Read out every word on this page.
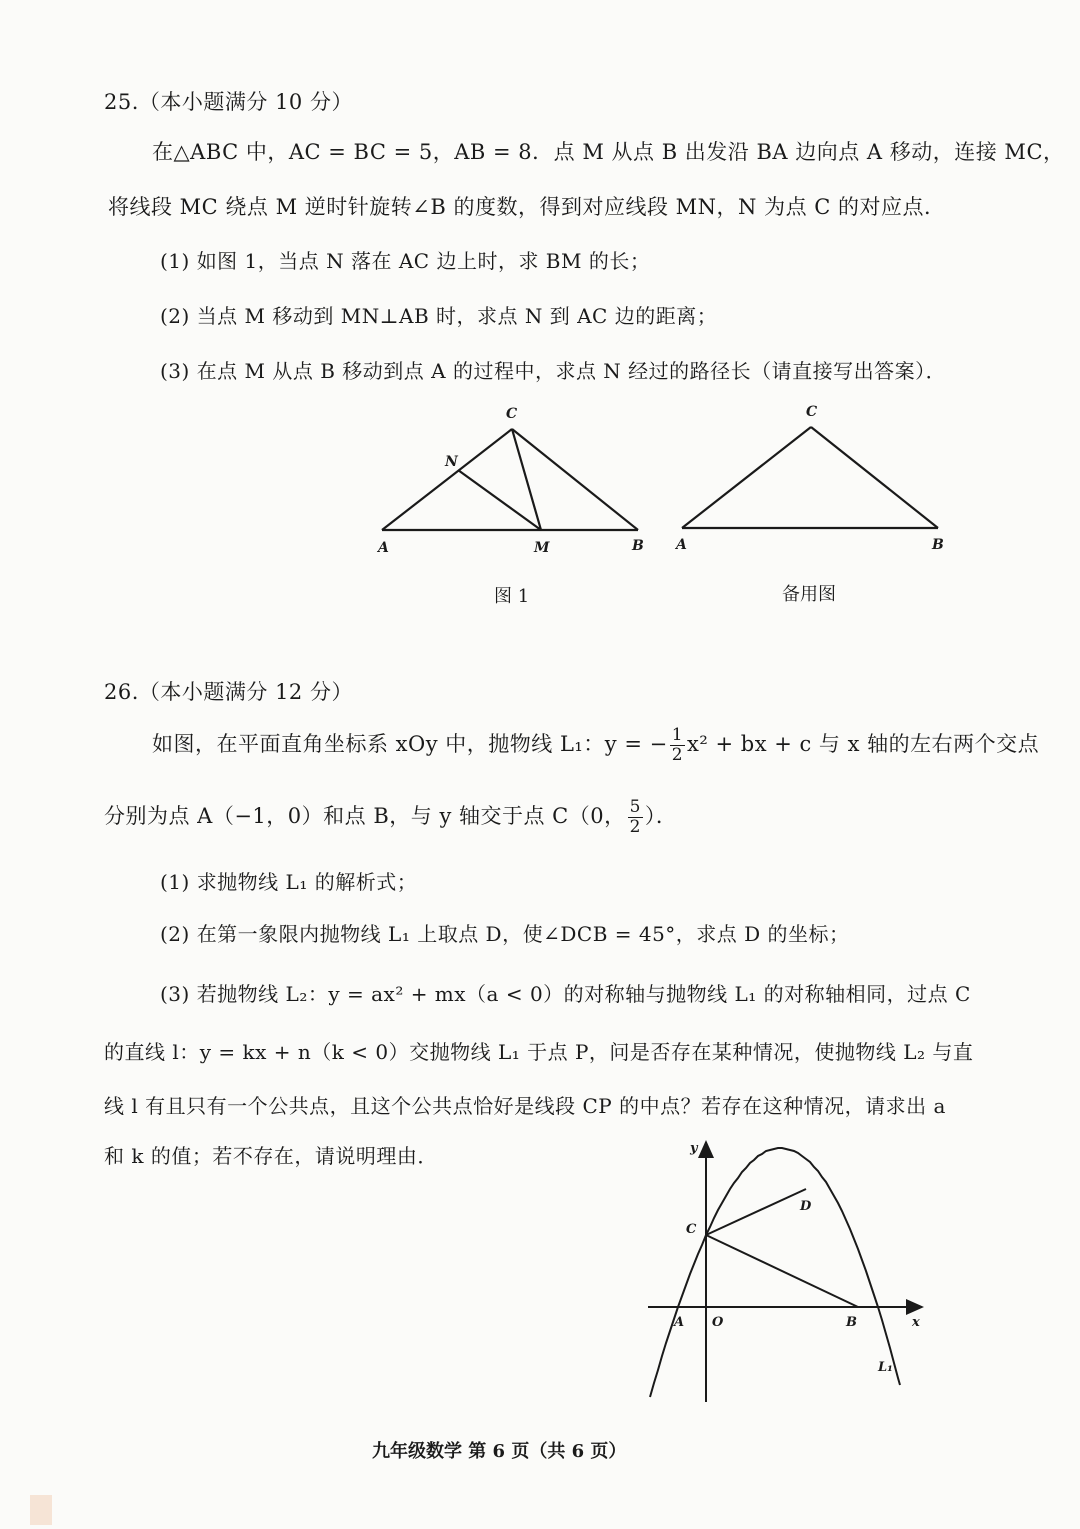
25.（本小题满分 10 分）
在△ABC 中，AC = BC = 5，AB = 8．点 M 从点 B 出发沿 BA 边向点 A 移动，连接 MC，
将线段 MC 绕点 M 逆时针旋转∠B 的度数，得到对应线段 MN，N 为点 C 的对应点．
(1) 如图 1，当点 N 落在 AC 边上时，求 BM 的长；
(2) 当点 M 移动到 MN⊥AB 时，求点 N 到 AC 边的距离；
(3) 在点 M 从点 B 移动到点 A 的过程中，求点 N 经过的路径长（请直接写出答案）．
C
N
A	M	B
图 1
C
A	B
备用图
26.（本小题满分 12 分）
如图，在平面直角坐标系 xOy 中，抛物线 L₁：y = − $\frac{1}{2} x^2$ + bx + c 与 x 轴的左右两个交点
分别为点 A（−1，0）和点 B，与 y 轴交于点 C（0， $\frac{5}{2}$ ）．
(1) 求抛物线 L₁ 的解析式；
(2) 在第一象限内抛物线 L₁ 上取点 D，使∠DCB = 45°，求点 D 的坐标；
(3) 若抛物线 L₂：y = ax² + mx（a < 0）的对称轴与抛物线 L₁ 的对称轴相同，过点 C
的直线 l：y = kx + n（k < 0）交抛物线 L₁ 于点 P，问是否存在某种情况，使抛物线 L₂ 与直
线 l 有且只有一个公共点，且这个公共点恰好是线段 CP 的中点？若存在这种情况，请求出 a
和 k 的值；若不存在，请说明理由．	y
x
C
D
A O	B
L₁
九年级数学 第 6 页（共 6 页）
